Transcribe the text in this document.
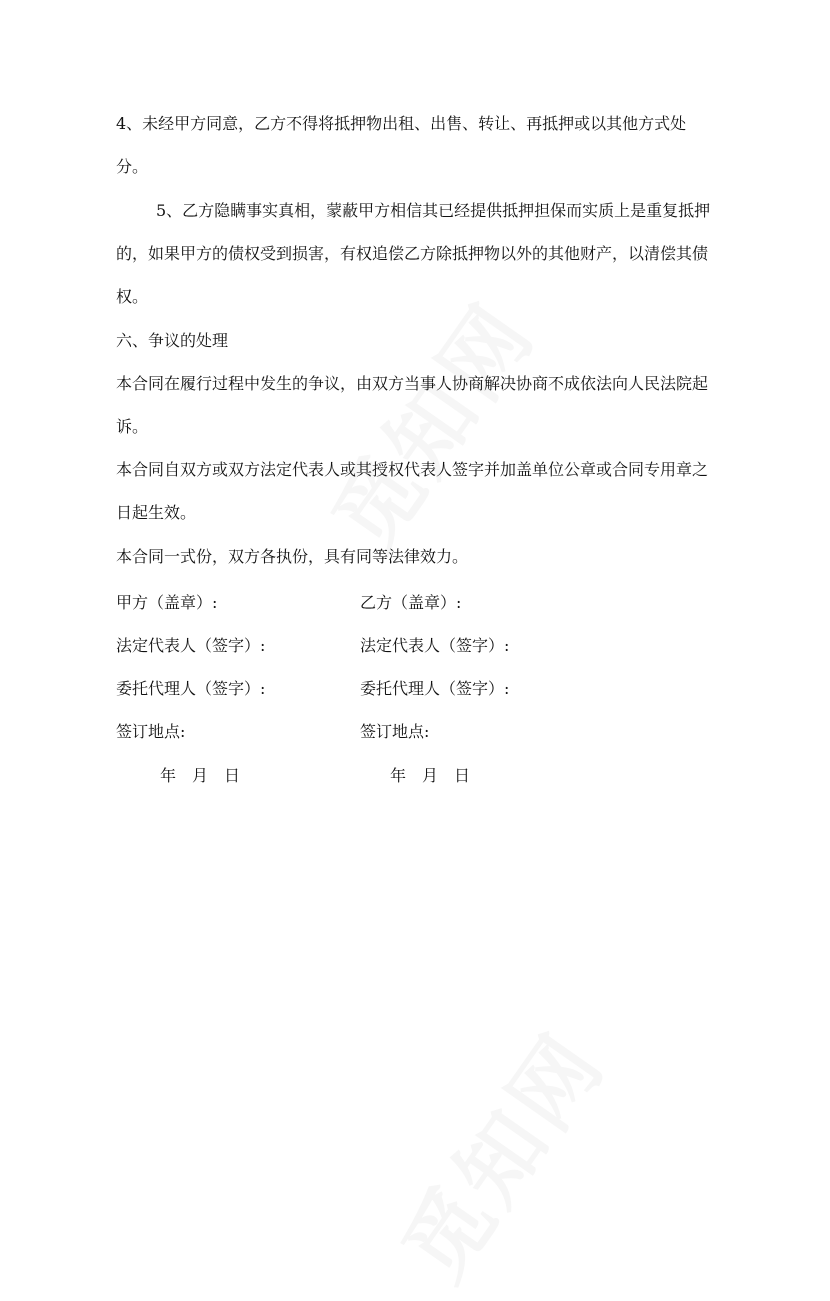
4、未经甲方同意，乙方不得将抵押物出租、出售、转让、再抵押或以其他方式处分。

5、乙方隐瞒事实真相，蒙蔽甲方相信其已经提供抵押担保而实质上是重复抵押的，如果甲方的债权受到损害，有权追偿乙方除抵押物以外的其他财产，以清偿其债权。

六、争议的处理

本合同在履行过程中发生的争议，由双方当事人协商解决协商不成依法向人民法院起诉。

本合同自双方或双方法定代表人或其授权代表人签字并加盖单位公章或合同专用章之日起生效。

本合同一式份，双方各执份，具有同等法律效力。

甲方（盖章）:
法定代表人（签字）:
委托代理人（签字）:
签订地点:
年　月　日
乙方（盖章）:
法定代表人（签字）:
委托代理人（签字）:
签订地点:
年　月　日
